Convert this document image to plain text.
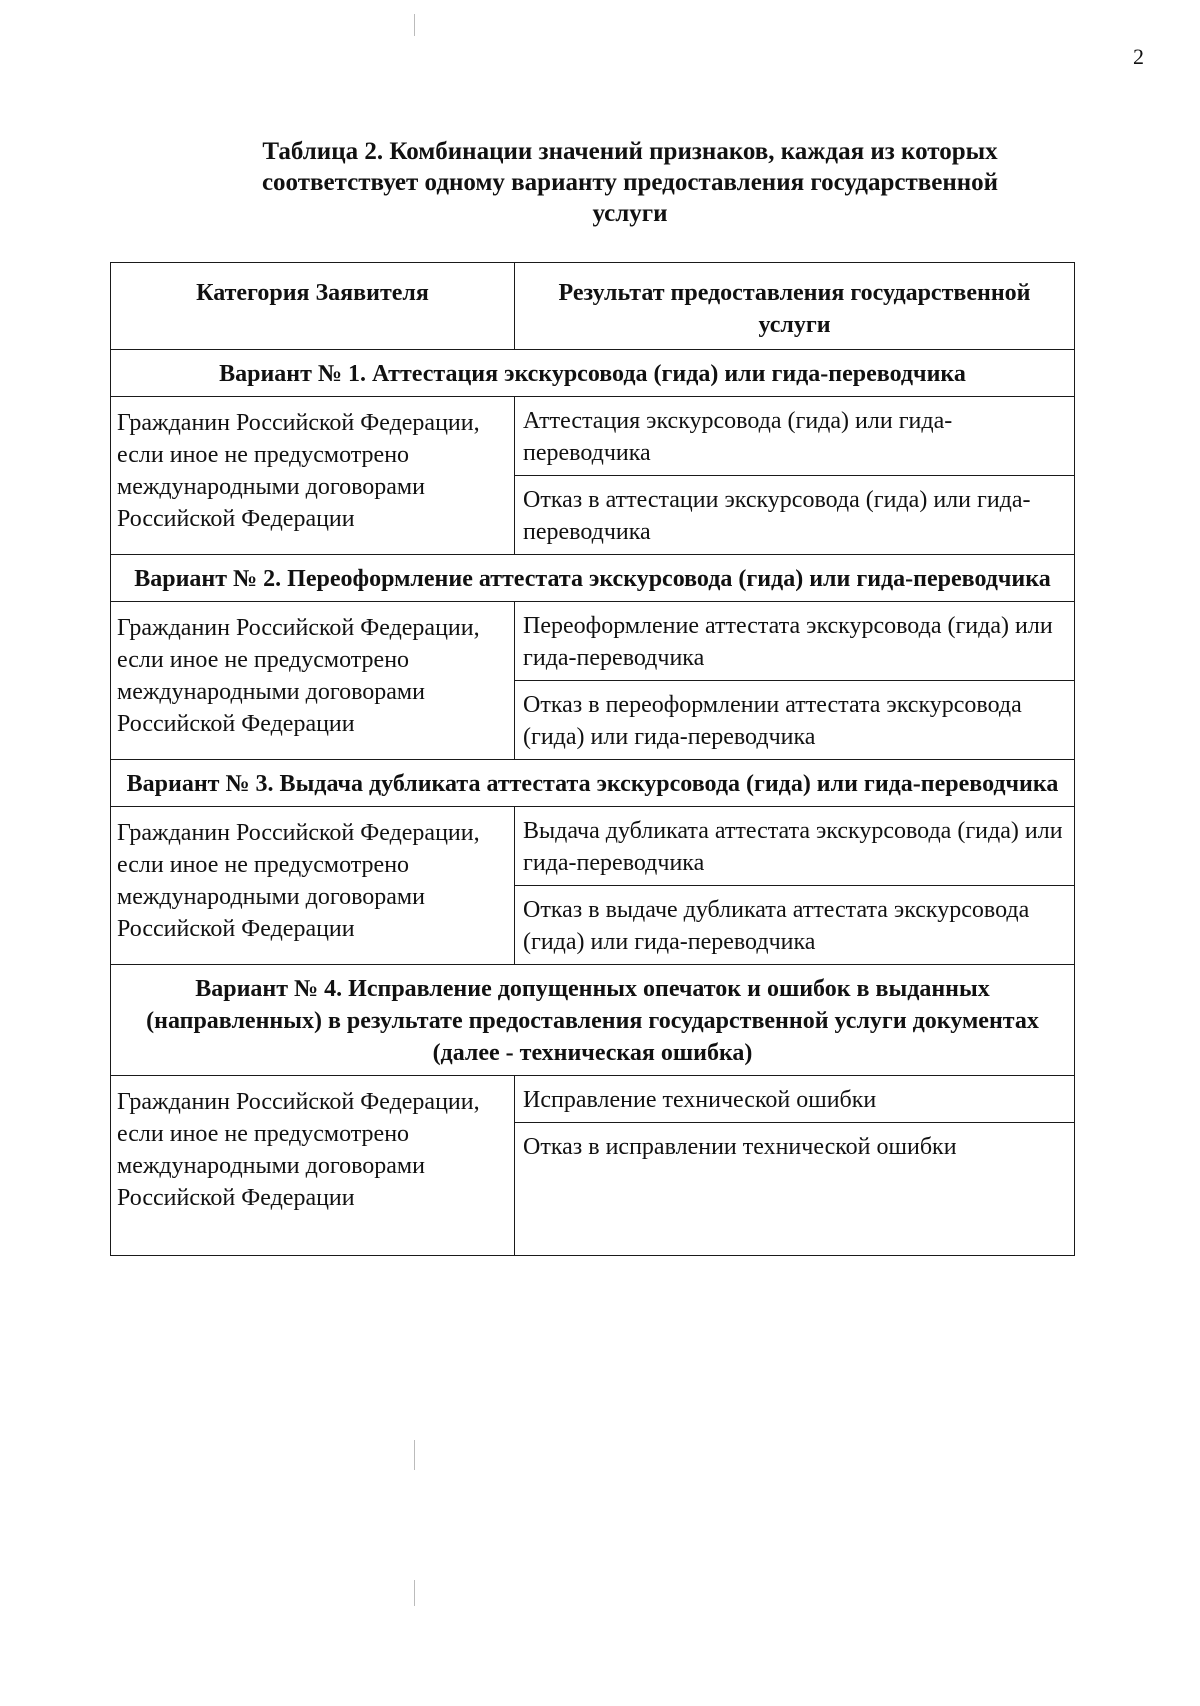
2
Таблица 2. Комбинации значений признаков, каждая из которых
соответствует одному варианту предоставления государственной
услуги
Категория Заявителя	Результат предоставления государственной услуги
Вариант № 1. Аттестация экскурсовода (гида) или гида-переводчика	
Гражданин Российской Федерации, если иное не предусмотрено международными договорами Российской Федерации	Аттестация экскурсовода (гида) или гида-переводчика
	Отказ в аттестации экскурсовода (гида) или гида-переводчика
Вариант № 2. Переоформление аттестата экскурсовода (гида) или гида-переводчика	
Гражданин Российской Федерации, если иное не предусмотрено международными договорами Российской Федерации	Переоформление аттестата экскурсовода (гида) или гида-переводчика
	Отказ в переоформлении аттестата экскурсовода (гида) или гида-переводчика
Вариант № 3. Выдача дубликата аттестата экскурсовода (гида) или гида-переводчика	
Гражданин Российской Федерации, если иное не предусмотрено международными договорами Российской Федерации	Выдача дубликата аттестата экскурсовода (гида) или гида-переводчика
	Отказ в выдаче дубликата аттестата экскурсовода (гида) или гида-переводчика
Вариант № 4. Исправление допущенных опечаток и ошибок в выданных (направленных) в результате предоставления государственной услуги документах (далее - техническая ошибка)	
Гражданин Российской Федерации, если иное не предусмотрено международными договорами Российской Федерации	Исправление технической ошибки
	Отказ в исправлении технической ошибки
